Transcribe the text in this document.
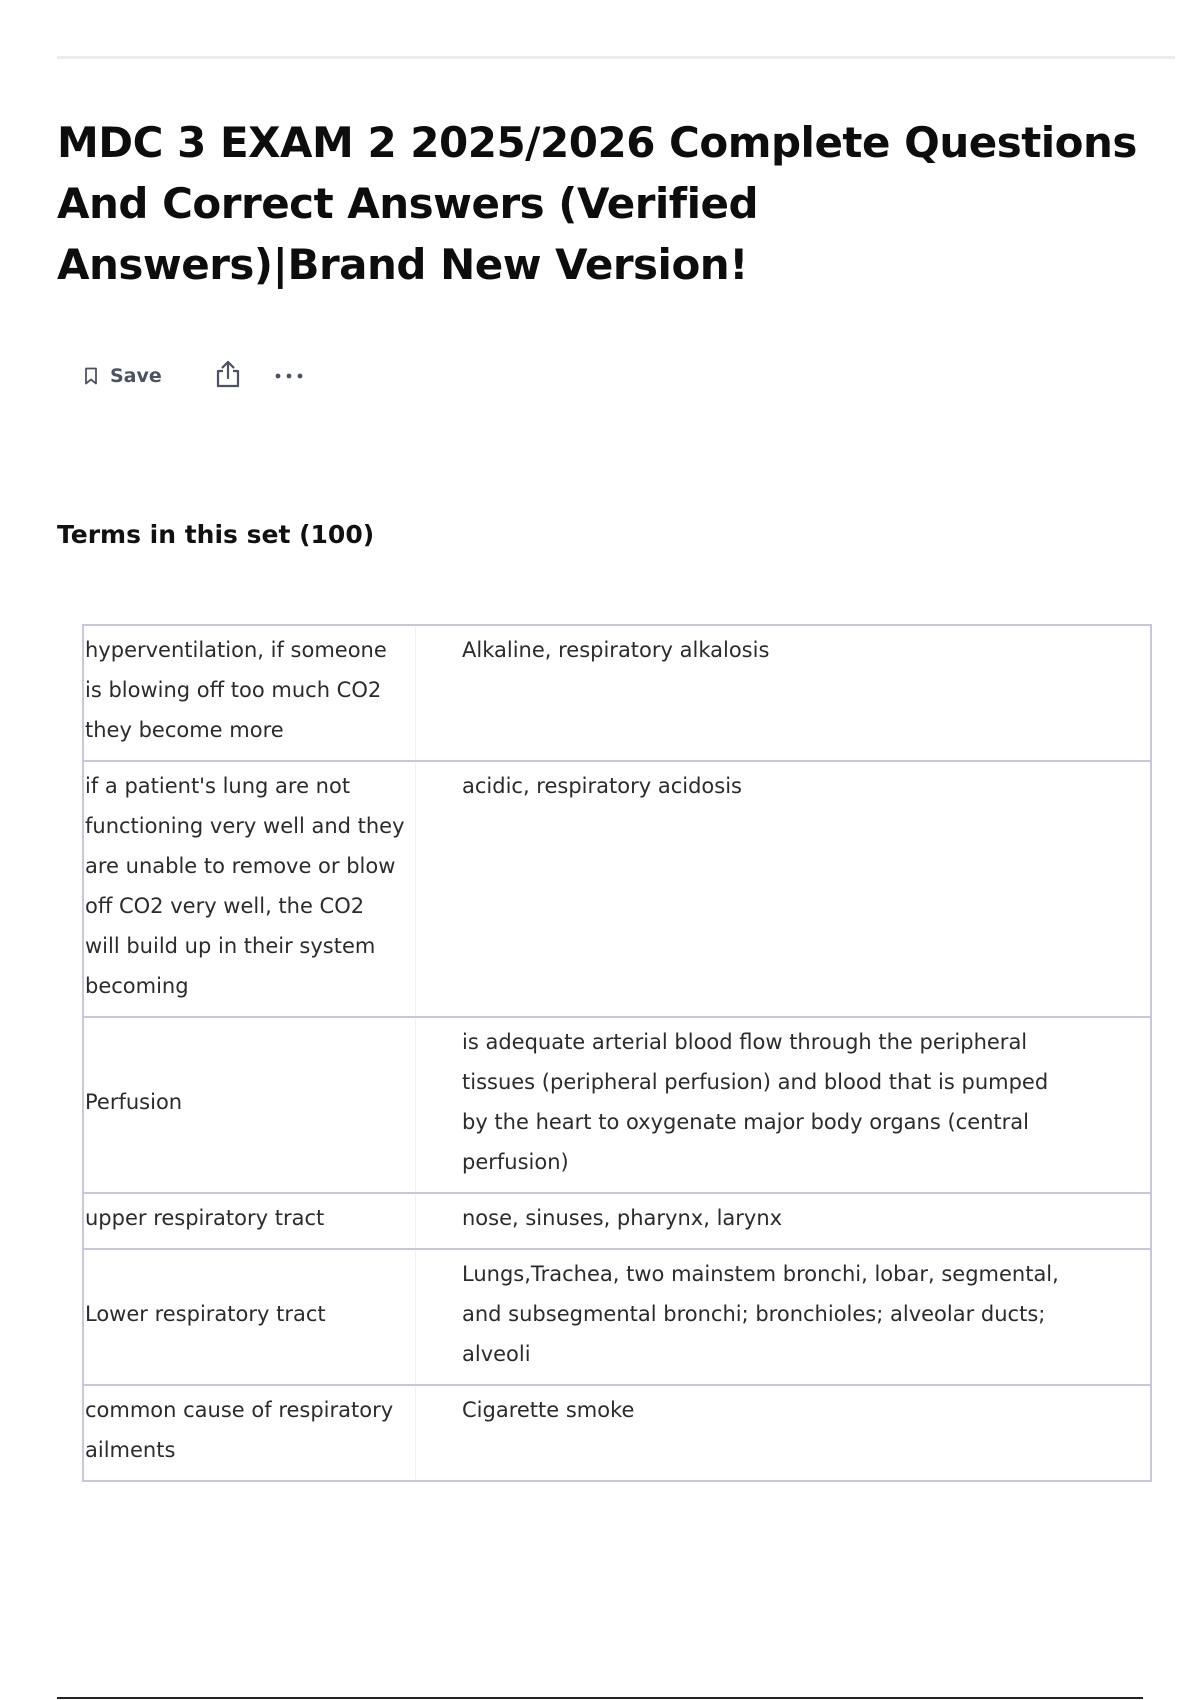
MDC 3 EXAM 2 2025/2026 Complete Questions And Correct Answers (Verified Answers)|Brand New Version!
Save
Terms in this set (100)
hyperventilation, if someone is blowing off too much CO2 they become more	Alkaline, respiratory alkalosis
if a patient's lung are not functioning very well and they are unable to remove or blow off CO2 very well, the CO2 will build up in their system becoming	acidic, respiratory acidosis
Perfusion	is adequate arterial blood flow through the peripheral tissues (peripheral perfusion) and blood that is pumped by the heart to oxygenate major body organs (central perfusion)
upper respiratory tract	nose, sinuses, pharynx, larynx
Lower respiratory tract	Lungs,Trachea, two mainstem bronchi, lobar, segmental, and subsegmental bronchi; bronchioles; alveolar ducts; alveoli
common cause of respiratory ailments	Cigarette smoke
